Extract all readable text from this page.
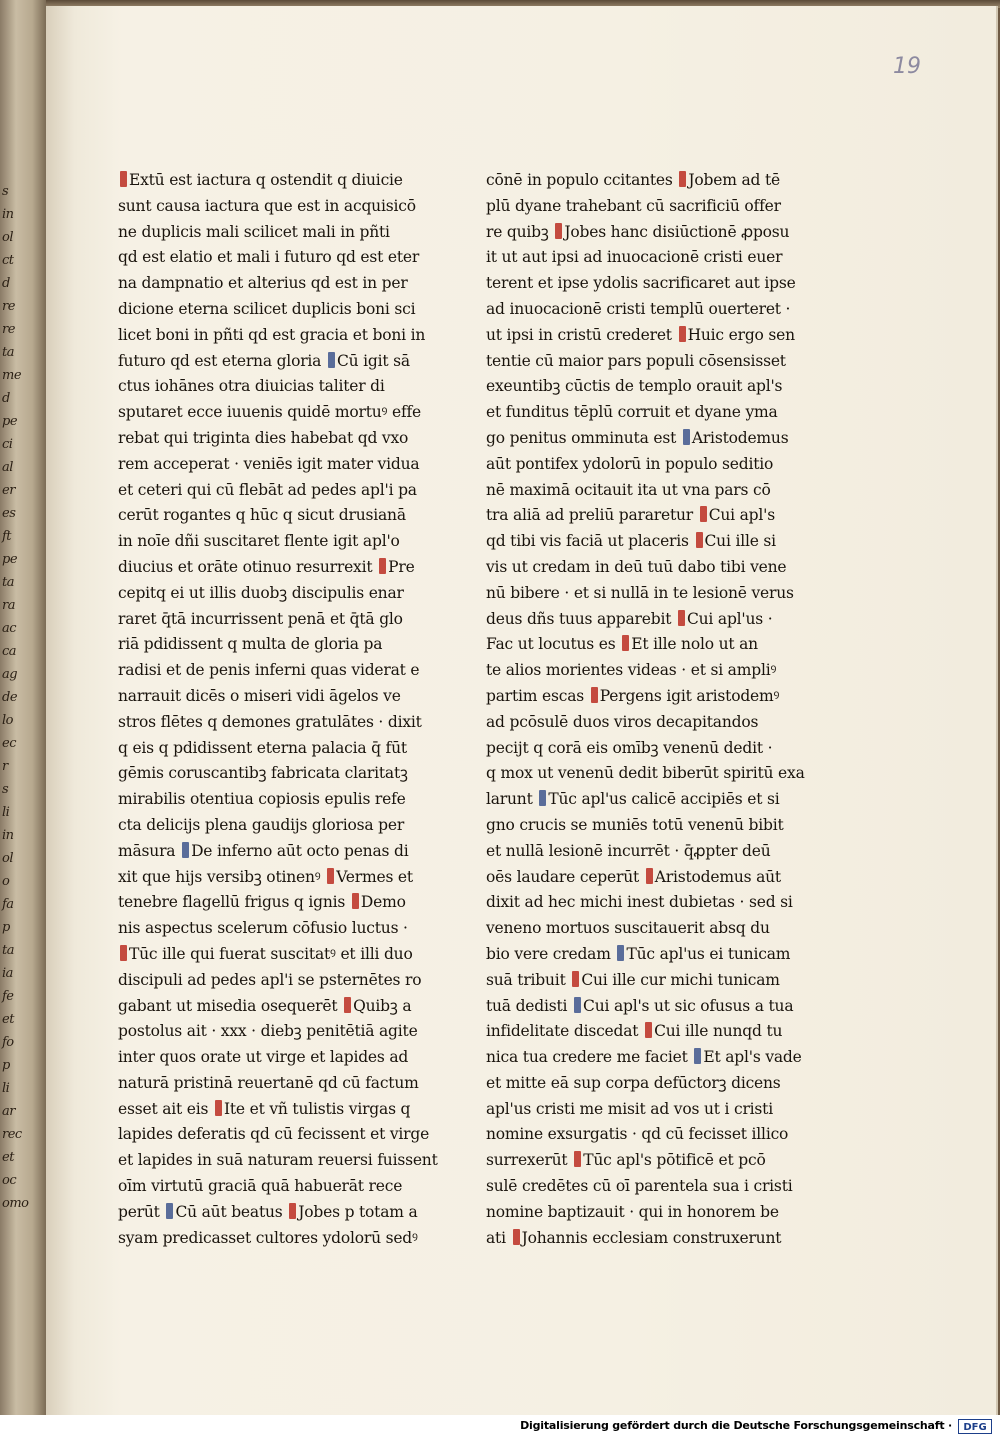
s
in
ol
ct
d
re
re
ta
me
d
pe
ci
al
er
es
ft
pe
ta
ra
ac
ca
ag
de
lo
ec
r
s
li
in
ol
o
fa
p
ta
ia
fe
et
fo
p
li
ar
rec
et
oc
omo
19
Extū est iactura q ostendit q diuicie
sunt causa iactura que est in acquisicō
ne duplicis mali scilicet mali in pñti
qd est elatio et mali i futuro qd est eter
na dampnatio et alterius qd est in per
dicione eterna scilicet duplicis boni sci
licet boni in pñti qd est gracia et boni in
futuro qd est eterna gloria Cū igit sā
ctus iohānes otra diuicias taliter di
sputaret ecce iuuenis quidē mortuꝰ effe
rebat qui triginta dies habebat qd vxo
rem acceperat · veniēs igit mater vidua
et ceteri qui cū flebāt ad pedes apl'i pa
cerūt rogantes q hūc q sicut drusianā
in noīe dñi suscitaret flente igit apl'o
diucius et orāte otinuo resurrexit Pre
cepitq ei ut illis duobꝫ discipulis enar
raret q̄tā incurrissent penā et q̄tā glo
riā pdidissent q multa de gloria pa
radisi et de penis inferni quas viderat e
narrauit dicēs o miseri vidi āgelos ve
stros flētes q demones gratulātes · dixit
q eis q pdidissent eterna palacia q̄ fūt
gēmis coruscantibꝫ fabricata claritatꝫ
mirabilis otentiua copiosis epulis refe
cta delicijs plena gaudijs gloriosa per
māsura De inferno aūt octo penas di
xit que hijs versibꝫ otinenꝰ Vermes et
tenebre flagellū frigus q ignis Demo
nis aspectus scelerum cōfusio luctus ·
Tūc ille qui fuerat suscitatꝰ et illi duo
discipuli ad pedes apl'i se psternētes ro
gabant ut misedia osequerēt Quibꝫ a
postolus ait · xxx · diebꝫ penitētiā agite
inter quos orate ut virge et lapides ad
naturā pristinā reuertanē qd cū factum
esset ait eis Ite et vñ tulistis virgas q
lapides deferatis qd cū fecissent et virge
et lapides in suā naturam reuersi fuissent
oīm virtutū graciā quā habuerāt rece
perūt Cū aūt beatus Jobes p totam a
syam predicasset cultores ydolorū sedꝰ
cōnē in populo ccitantes Jobem ad tē
plū dyane trahebant cū sacrificiū offer
re quibꝫ Jobes hanc disiūctionē ꝓposu
it ut aut ipsi ad inuocacionē cristi euer
terent et ipse ydolis sacrificaret aut ipse
ad inuocacionē cristi templū ouerteret ·
ut ipsi in cristū crederet Huic ergo sen
tentie cū maior pars populi cōsensisset
exeuntibꝫ cūctis de templo orauit apl's
et funditus tēplū corruit et dyane yma
go penitus omminuta est Aristodemus
aūt pontifex ydolorū in populo seditio
nē maximā ocitauit ita ut vna pars cō
tra aliā ad preliū pararetur Cui apl's
qd tibi vis faciā ut placeris Cui ille si
vis ut credam in deū tuū dabo tibi vene
nū bibere · et si nullā in te lesionē verus
deus dñs tuus apparebit Cui apl'us ·
Fac ut locutus es Et ille nolo ut an
te alios morientes videas · et si ampliꝰ
partim escas Pergens igit aristodemꝰ
ad pcōsulē duos viros decapitandos
pecijt q corā eis omībꝫ venenū dedit ·
q mox ut venenū dedit biberūt spiritū exa
larunt Tūc apl'us calicē accipiēs et si
gno crucis se muniēs totū venenū bibit
et nullā lesionē incurrēt · q̄ꝓpter deū
oēs laudare ceperūt Aristodemus aūt
dixit ad hec michi inest dubietas · sed si
veneno mortuos suscitauerit absq du
bio vere credam Tūc apl'us ei tunicam
suā tribuit Cui ille cur michi tunicam
tuā dedisti Cui apl's ut sic ofusus a tua
infidelitate discedat Cui ille nunqd tu
nica tua credere me faciet Et apl's vade
et mitte eā sup corpa defūctorꝫ dicens
apl'us cristi me misit ad vos ut i cristi
nomine exsurgatis · qd cū fecisset illico
surrexerūt Tūc apl's pōtificē et pcō
sulē credētes cū oī parentela sua i cristi
nomine baptizauit · qui in honorem be
ati Johannis ecclesiam construxerunt
Digitalisierung gefördert durch die Deutsche Forschungsgemeinschaft ·	DFG
